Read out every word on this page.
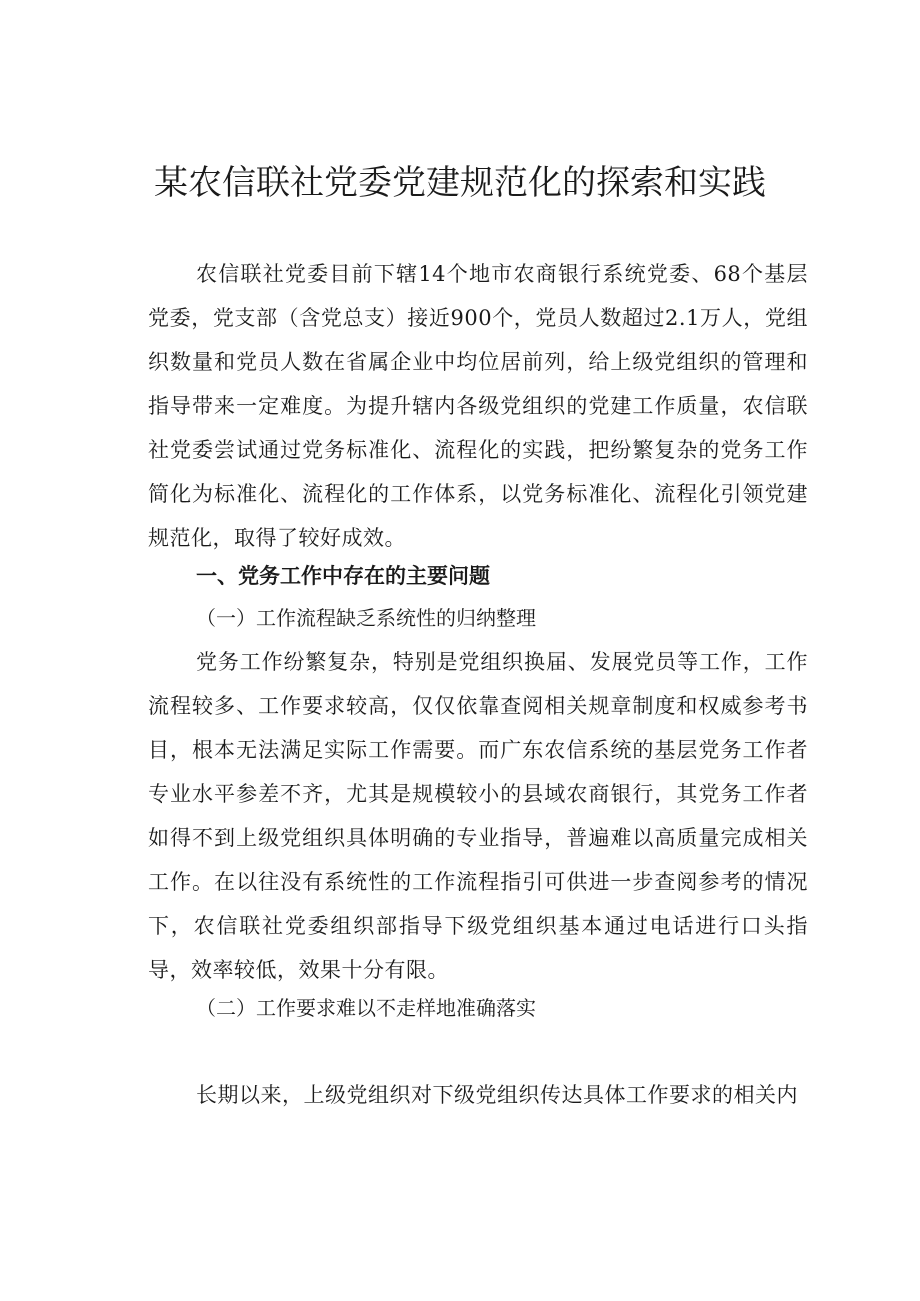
某农信联社党委党建规范化的探索和实践

农信联社党委目前下辖14个地市农商银行系统党委、68个基层党委，党支部（含党总支）接近900个，党员人数超过2.1万人，党组织数量和党员人数在省属企业中均位居前列，给上级党组织的管理和指导带来一定难度。为提升辖内各级党组织的党建工作质量，农信联社党委尝试通过党务标准化、流程化的实践，把纷繁复杂的党务工作简化为标准化、流程化的工作体系，以党务标准化、流程化引领党建规范化，取得了较好成效。

一、党务工作中存在的主要问题
（一）工作流程缺乏系统性的归纳整理

党务工作纷繁复杂，特别是党组织换届、发展党员等工作，工作流程较多、工作要求较高，仅仅依靠查阅相关规章制度和权威参考书目，根本无法满足实际工作需要。而广东农信系统的基层党务工作者专业水平参差不齐，尤其是规模较小的县域农商银行，其党务工作者如得不到上级党组织具体明确的专业指导，普遍难以高质量完成相关工作。在以往没有系统性的工作流程指引可供进一步查阅参考的情况下，农信联社党委组织部指导下级党组织基本通过电话进行口头指导，效率较低，效果十分有限。

（二）工作要求难以不走样地准确落实

长期以来，上级党组织对下级党组织传达具体工作要求的相关内
